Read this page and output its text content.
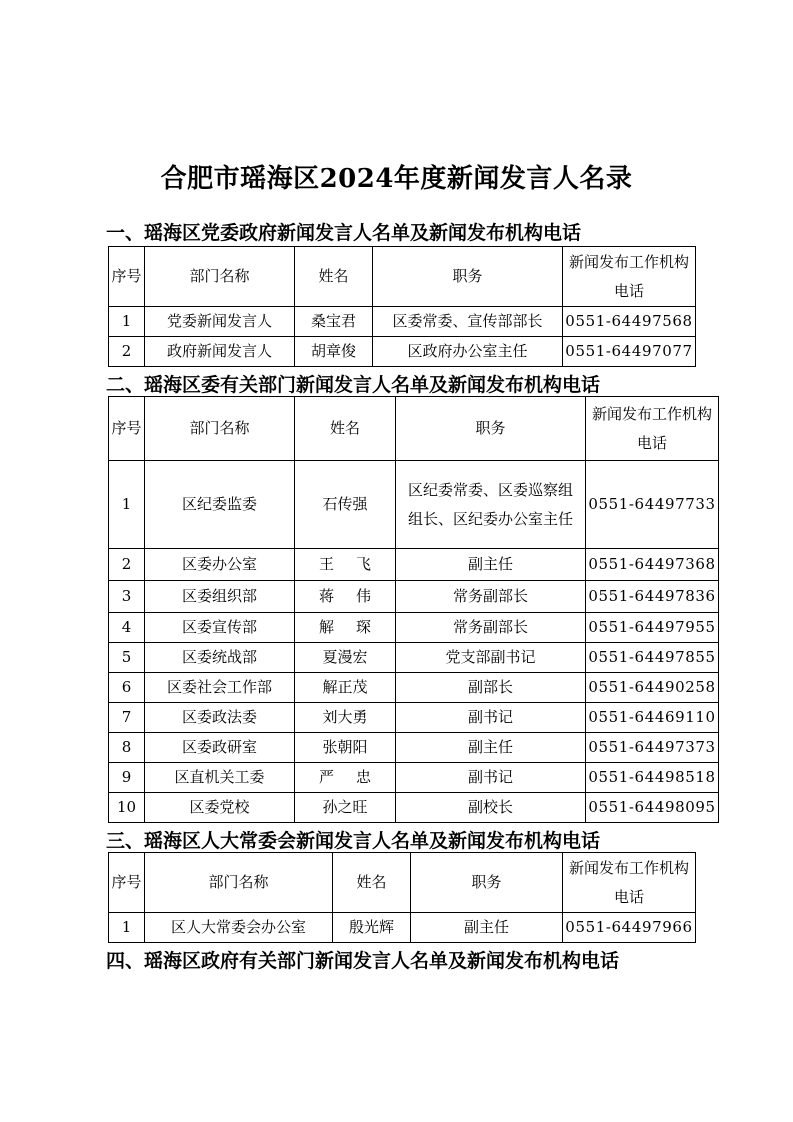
合肥市瑶海区2024年度新闻发言人名录
一、瑶海区党委政府新闻发言人名单及新闻发布机构电话
序号	部门名称	姓名	职务	新闻发布工作机构电话
1	党委新闻发言人	桑宝君	区委常委、宣传部部长	0551-64497568
2	政府新闻发言人	胡章俊	区政府办公室主任	0551-64497077
二、瑶海区委有关部门新闻发言人名单及新闻发布机构电话
序号	部门名称	姓名	职务	新闻发布工作机构电话
1	区纪委监委	石传强	区纪委常委、区委巡察组组长、区纪委办公室主任	0551-64497733
2	区委办公室	王飞	副主任	0551-64497368
3	区委组织部	蒋伟	常务副部长	0551-64497836
4	区委宣传部	解琛	常务副部长	0551-64497955
5	区委统战部	夏漫宏	党支部副书记	0551-64497855
6	区委社会工作部	解正茂	副部长	0551-64490258
7	区委政法委	刘大勇	副书记	0551-64469110
8	区委政研室	张朝阳	副主任	0551-64497373
9	区直机关工委	严忠	副书记	0551-64498518
10	区委党校	孙之旺	副校长	0551-64498095
三、瑶海区人大常委会新闻发言人名单及新闻发布机构电话
序号	部门名称	姓名	职务	新闻发布工作机构电话
1	区人大常委会办公室	殷光辉	副主任	0551-64497966
四、瑶海区政府有关部门新闻发言人名单及新闻发布机构电话
